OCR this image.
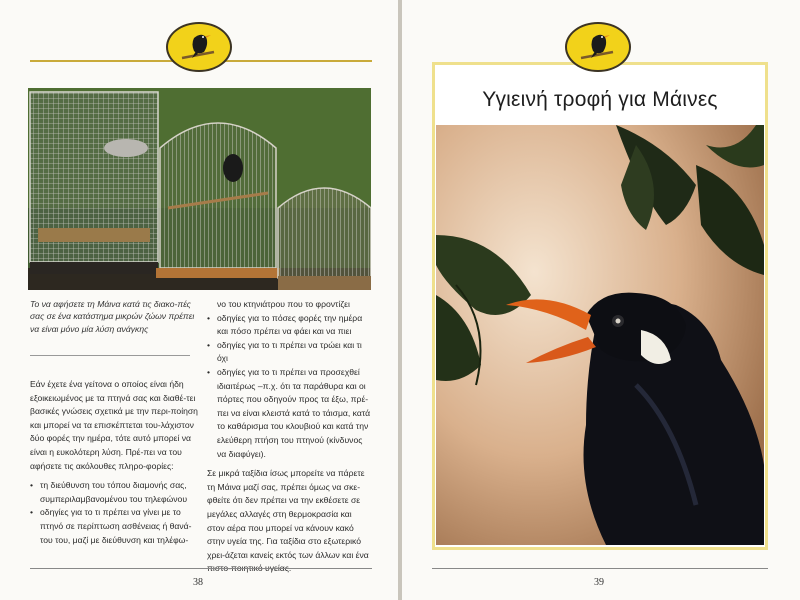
Το να αφήσετε τη Μάινα κατά τις διακο-πές σας σε ένα κατάστημα μικρών ζώων πρέπει να είναι μόνο μία λύση ανάγκης

Εάν έχετε ένα γείτονα ο οποίος είναι ήδη εξοικειωμένος με τα πτηνά σας και διαθέ-τει βασικές γνώσεις σχετικά με την περι-ποίηση και μπορεί να τα επισκέπτεται του-λάχιστον δύο φορές την ημέρα, τότε αυτό μπορεί να είναι η ευκολότερη λύση. Πρέ-πει να του αφήσετε τις ακόλουθες πληρο-φορίες:

• τη διεύθυνση του τόπου διαμονής σας, συμπεριλαμβανομένου του τηλεφώνου
• οδηγίες για το τι πρέπει να γίνει με το πτηνό σε περίπτωση ασθένειας ή θανά-του του, μαζί με διεύθυνση και τηλέφω-
νο του κτηνιάτρου που το φροντίζει
• οδηγίες για το πόσες φορές την ημέρα και πόσο πρέπει να φάει και να πιει
• οδηγίες για το τι πρέπει να τρώει και τι όχι
• οδηγίες για το τι πρέπει να προσεχθεί ιδιαιτέρως –π.χ. ότι τα παράθυρα και οι πόρτες που οδηγούν προς τα έξω, πρέ-πει να είναι κλειστά κατά το τάισμα, κατά το καθάρισμα του κλουβιού και κατά την ελεύθερη πτήση του πτηνού (κίνδυνος να διαφύγει).

Σε μικρά ταξίδια ίσως μπορείτε να πάρετε τη Μάινα μαζί σας, πρέπει όμως να σκε-φθείτε ότι δεν πρέπει να την εκθέσετε σε μεγάλες αλλαγές στη θερμοκρασία και στον αέρα που μπορεί να κάνουν κακό στην υγεία της. Για ταξίδια στο εξωτερικό χρει-άζεται κανείς εκτός των άλλων και ένα

38
Υγιεινή τροφή για Μάινες
39
